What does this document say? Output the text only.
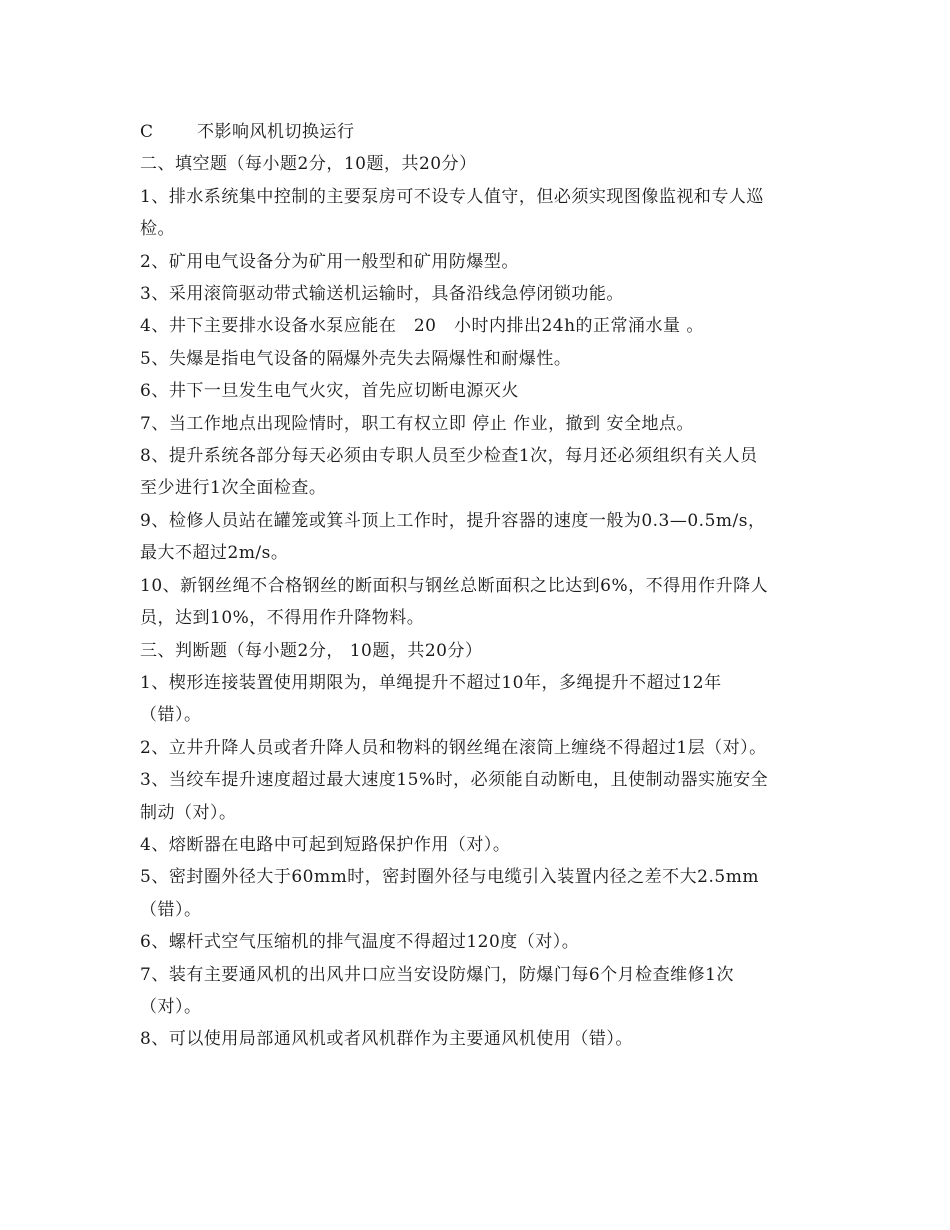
C	不影响风机切换运行
二、填空题（每小题2分，10题，共20分）
1、排水系统集中控制的主要泵房可不设专人值守，但必须实现图像监视和专人巡
检。
2、矿用电气设备分为矿用一般型和矿用防爆型。
3、采用滚筒驱动带式输送机运输时，具备沿线急停闭锁功能。
4、井下主要排水设备水泵应能在　20　小时内排出24h的正常涌水量 。
5、失爆是指电气设备的隔爆外壳失去隔爆性和耐爆性。
6、井下一旦发生电气火灾，首先应切断电源灭火
7、当工作地点出现险情时，职工有权立即 停止 作业，撤到 安全地点。
8、提升系统各部分每天必须由专职人员至少检查1次，每月还必须组织有关人员
至少进行1次全面检查。
9、检修人员站在罐笼或箕斗顶上工作时，提升容器的速度一般为0.3—0.5m/s，
最大不超过2m/s。
10、新钢丝绳不合格钢丝的断面积与钢丝总断面积之比达到6%，不得用作升降人
员，达到10%，不得用作升降物料。
三、判断题（每小题2分， 10题，共20分）
1、楔形连接装置使用期限为，单绳提升不超过10年，多绳提升不超过12年
（错）。
2、立井升降人员或者升降人员和物料的钢丝绳在滚筒上缠绕不得超过1层（对）。
3、当绞车提升速度超过最大速度15%时，必须能自动断电，且使制动器实施安全
制动（对）。
4、熔断器在电路中可起到短路保护作用（对）。
5、密封圈外径大于60mm时，密封圈外径与电缆引入装置内径之差不大2.5mm
（错）。
6、螺杆式空气压缩机的排气温度不得超过120度（对）。
7、装有主要通风机的出风井口应当安设防爆门，防爆门每6个月检查维修1次
（对）。
8、可以使用局部通风机或者风机群作为主要通风机使用（错）。
